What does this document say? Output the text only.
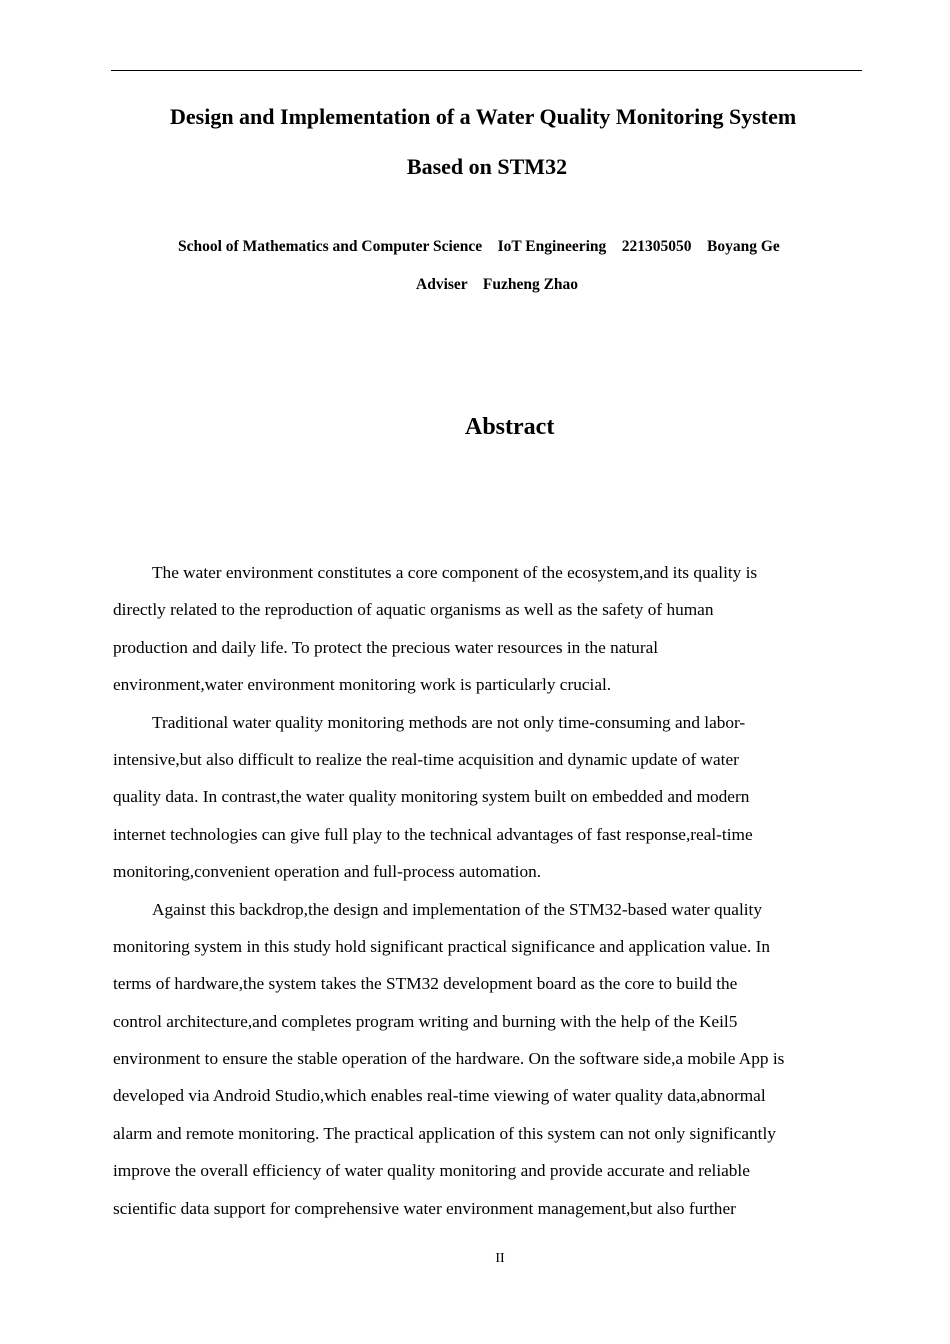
Design and Implementation of a Water Quality Monitoring System
Based on STM32
School of Mathematics and Computer Science    IoT Engineering    221305050    Boyang Ge
Adviser    Fuzheng Zhao
Abstract
The water environment constitutes a core component of the ecosystem,and its quality is
directly related to the reproduction of aquatic organisms as well as the safety of human
production and daily life. To protect the precious water resources in the natural
environment,water environment monitoring work is particularly crucial.
Traditional water quality monitoring methods are not only time-consuming and labor-
intensive,but also difficult to realize the real-time acquisition and dynamic update of water
quality data. In contrast,the water quality monitoring system built on embedded and modern
internet technologies can give full play to the technical advantages of fast response,real-time
monitoring,convenient operation and full-process automation.
Against this backdrop,the design and implementation of the STM32-based water quality
monitoring system in this study hold significant practical significance and application value. In
terms of hardware,the system takes the STM32 development board as the core to build the
control architecture,and completes program writing and burning with the help of the Keil5
environment to ensure the stable operation of the hardware. On the software side,a mobile App is
developed via Android Studio,which enables real-time viewing of water quality data,abnormal
alarm and remote monitoring. The practical application of this system can not only significantly
improve the overall efficiency of water quality monitoring and provide accurate and reliable
scientific data support for comprehensive water environment management,but also further
II
